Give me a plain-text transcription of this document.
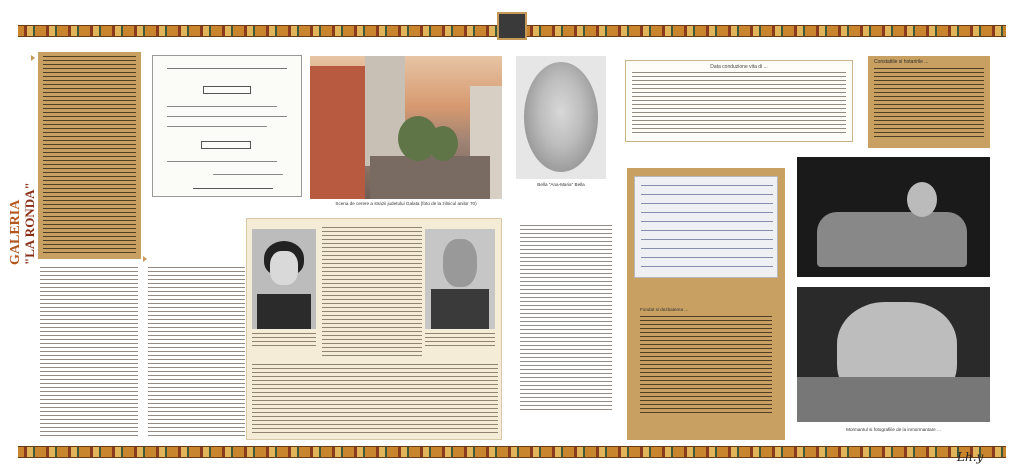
GALERIA "LA RONDA"	Scena de cerere a strazii judetului Galata (foto de la zilnicul anilor 70)
Bella "Ana-Maria" Bella
Data conduzione vita di ...
Constatiile si hotaririle ...
Fondat si dezbaterea ...
Mormantul si fotografiile de la inmormantare ...
Lh.y
